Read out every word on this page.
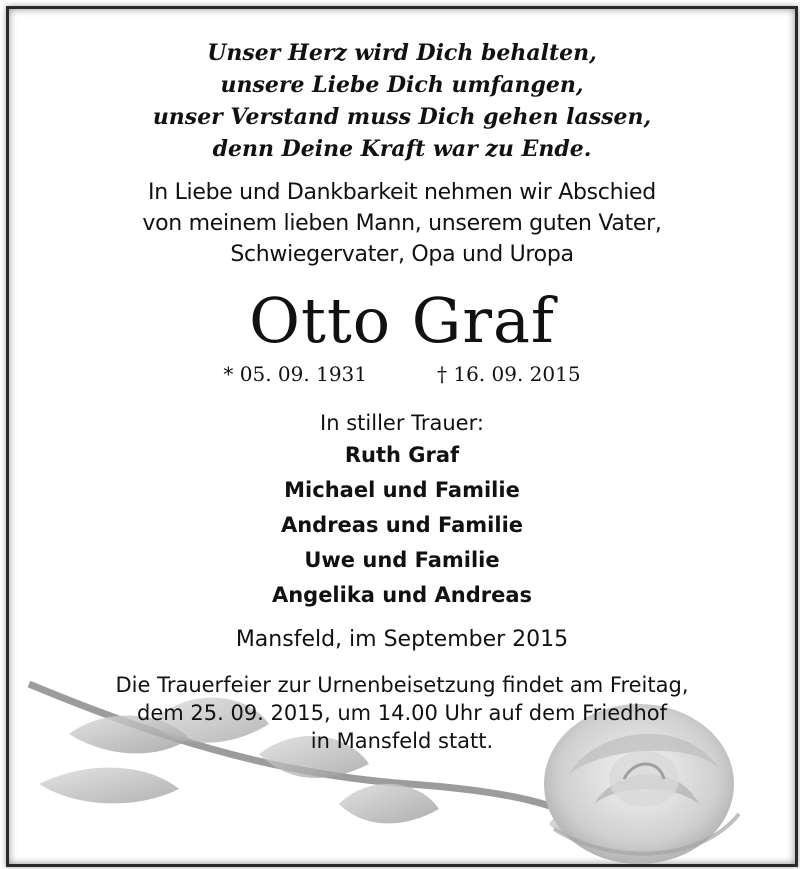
Unser Herz wird Dich behalten,
unsere Liebe Dich umfangen,
unser Verstand muss Dich gehen lassen,
denn Deine Kraft war zu Ende.
In Liebe und Dankbarkeit nehmen wir Abschied
von meinem lieben Mann, unserem guten Vater,
Schwiegervater, Opa und Uropa
Otto Graf
* 05. 09. 1931	† 16. 09. 2015
In stiller Trauer:
Ruth Graf
Michael und Familie
Andreas und Familie
Uwe und Familie
Angelika und Andreas
Mansfeld, im September 2015
Die Trauerfeier zur Urnenbeisetzung findet am Freitag,
dem 25. 09. 2015, um 14.00 Uhr auf dem Friedhof
in Mansfeld statt.
